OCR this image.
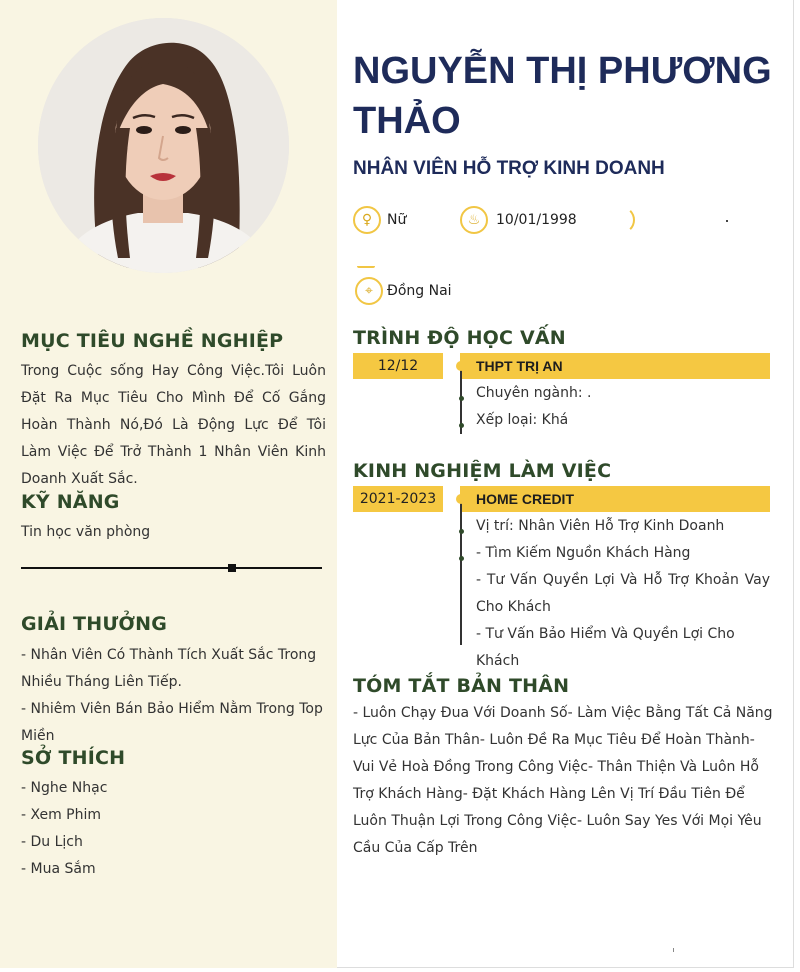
MỤC TIÊU NGHỀ NGHIỆP
Trong Cuộc sống Hay Công Việc.Tôi Luôn Đặt Ra Mục Tiêu Cho Mình Để Cố Gắng Hoàn Thành Nó,Đó Là Động Lực Để Tôi Làm Việc Để Trở Thành 1 Nhân Viên Kinh Doanh Xuất Sắc.
KỸ NĂNG
Tin học văn phòng
GIẢI THƯỞNG
- Nhân Viên Có Thành Tích Xuất Sắc Trong Nhiều Tháng Liên Tiếp.
- Nhiêm Viên Bán Bảo Hiểm Nằm Trong Top Miền
SỞ THÍCH
- Nghe Nhạc
- Xem Phim
- Du Lịch
- Mua Sắm
NGUYỄN THỊ PHƯƠNG THẢO
NHÂN VIÊN HỖ TRỢ KINH DOANH
♀	Nữ	♨	10/01/1998
⌖	Đồng Nai
TRÌNH ĐỘ HỌC VẤN
12/12	THPT TRỊ AN
Chuyên ngành: .
Xếp loại: Khá
KINH NGHIỆM LÀM VIỆC
2021-2023	HOME CREDIT
Vị trí: Nhân Viên Hỗ Trợ Kinh Doanh
- Tìm Kiếm Nguồn Khách Hàng
- Tư Vấn Quyền Lợi Và Hỗ Trợ Khoản Vay Cho Khách
- Tư Vấn Bảo Hiểm Và Quyền Lợi Cho Khách
TÓM TẮT BẢN THÂN
- Luôn Chạy Đua Với Doanh Số- Làm Việc Bằng Tất Cả Năng Lực Của Bản Thân- Luôn Đề Ra Mục Tiêu Để Hoàn Thành- Vui Vẻ Hoà Đồng Trong Công Việc- Thân Thiện Và Luôn Hỗ Trợ Khách Hàng- Đặt Khách Hàng Lên Vị Trí Đầu Tiên Để Luôn Thuận Lợi Trong Công Việc- Luôn Say Yes Với Mọi Yêu Cầu Của Cấp Trên
